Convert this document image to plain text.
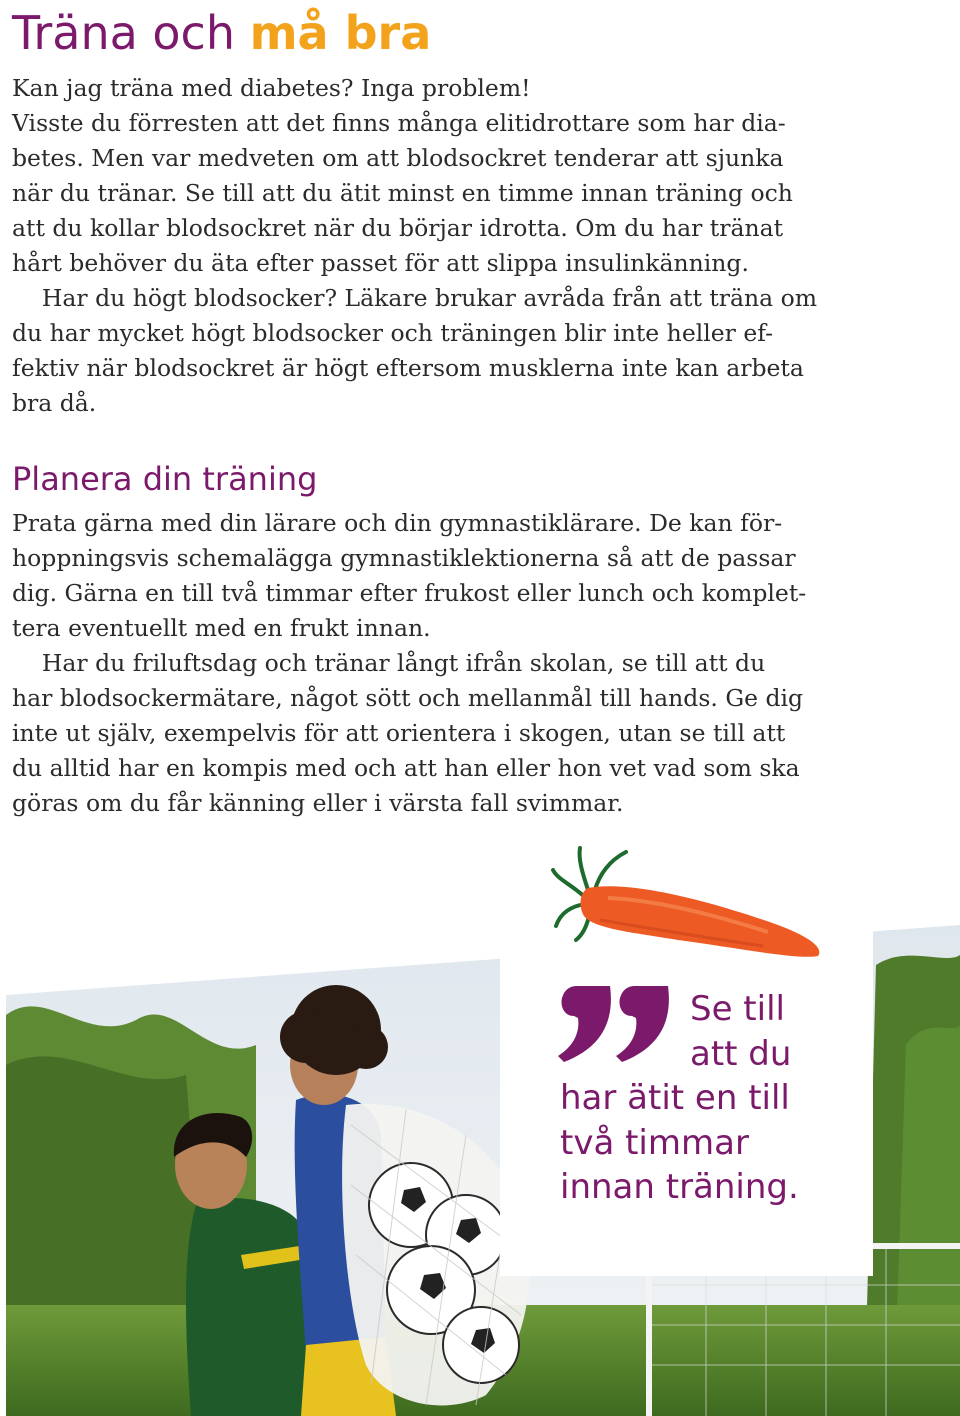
Träna och må bra

Kan jag träna med diabetes? Inga problem!

Visste du förresten att det finns många elitidrottare som har dia-

betes. Men var medveten om att blodsockret tenderar att sjunka

när du tränar. Se till att du ätit minst en timme innan träning och

att du kollar blodsockret när du börjar idrotta. Om du har tränat

hårt behöver du äta efter passet för att slippa insulinkänning.

Har du högt blodsocker? Läkare brukar avråda från att träna om

du har mycket högt blodsocker och träningen blir inte heller ef-

fektiv när blodsockret är högt eftersom musklerna inte kan arbeta

bra då.

Planera din träning

Prata gärna med din lärare och din gymnastiklärare. De kan för-

hoppningsvis schemalägga gymnastiklektionerna så att de passar

dig. Gärna en till två timmar efter frukost eller lunch och komplet-

tera eventuellt med en frukt innan.

Har du friluftsdag och tränar långt ifrån skolan, se till att du

har blodsockermätare, något sött och mellanmål till hands. Ge dig

inte ut själv, exempelvis för att orientera i skogen, utan se till att

du alltid har en kompis med och att han eller hon vet vad som ska

göras om du får känning eller i värsta fall svimmar.

Se till
att du
har ätit en till
två timmar
innan träning.
